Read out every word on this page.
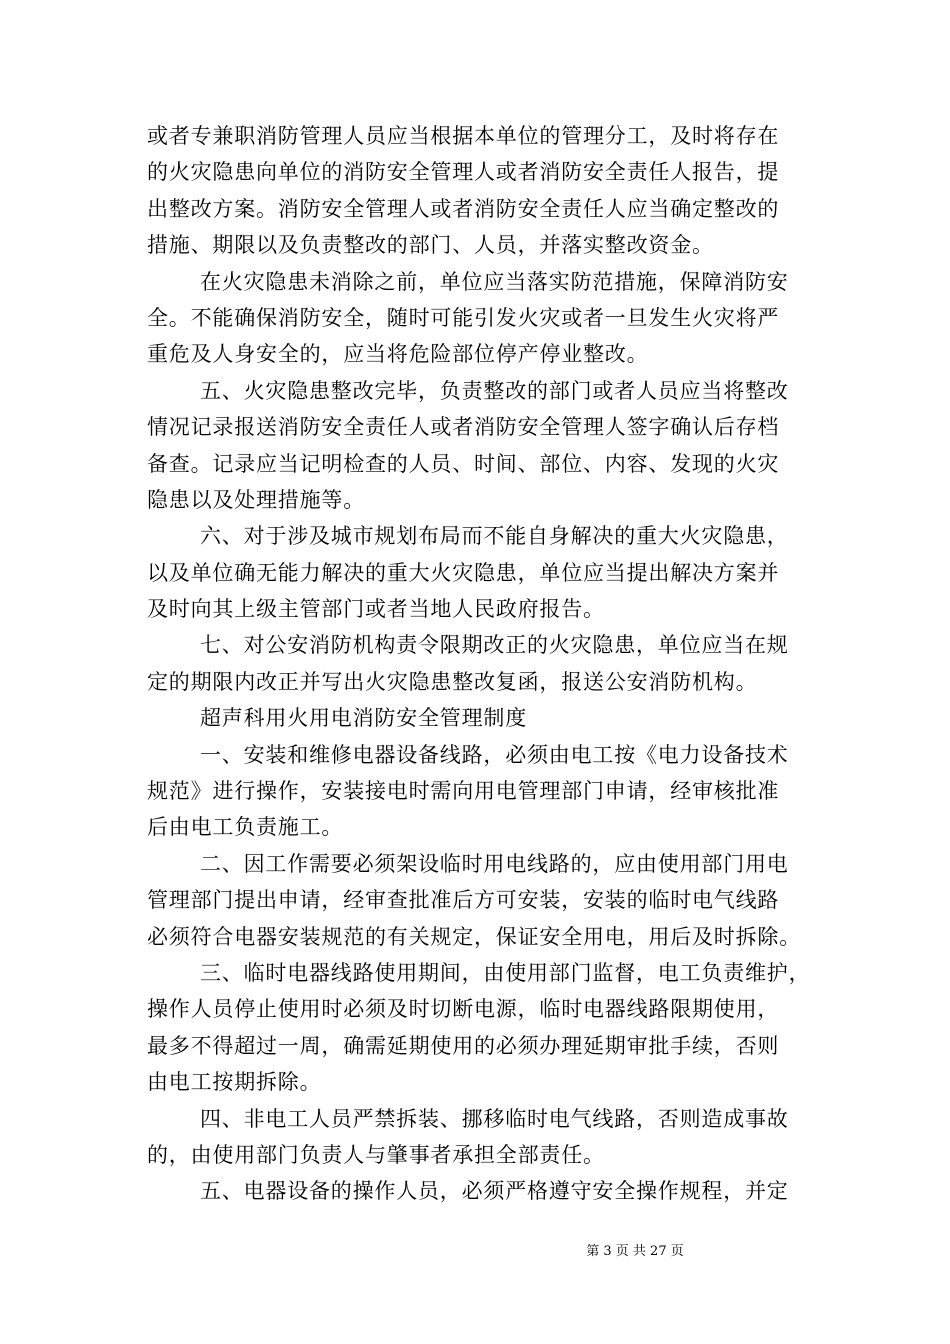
或者专兼职消防管理人员应当根据本单位的管理分工，及时将存在
的火灾隐患向单位的消防安全管理人或者消防安全责任人报告，提
出整改方案。消防安全管理人或者消防安全责任人应当确定整改的
措施、期限以及负责整改的部门、人员，并落实整改资金。
在火灾隐患未消除之前，单位应当落实防范措施，保障消防安
全。不能确保消防安全，随时可能引发火灾或者一旦发生火灾将严
重危及人身安全的，应当将危险部位停产停业整改。
五、火灾隐患整改完毕，负责整改的部门或者人员应当将整改
情况记录报送消防安全责任人或者消防安全管理人签字确认后存档
备查。记录应当记明检查的人员、时间、部位、内容、发现的火灾
隐患以及处理措施等。
六、对于涉及城市规划布局而不能自身解决的重大火灾隐患，
以及单位确无能力解决的重大火灾隐患，单位应当提出解决方案并
及时向其上级主管部门或者当地人民政府报告。
七、对公安消防机构责令限期改正的火灾隐患，单位应当在规
定的期限内改正并写出火灾隐患整改复函，报送公安消防机构。
超声科用火用电消防安全管理制度
一、安装和维修电器设备线路，必须由电工按《电力设备技术
规范》进行操作，安装接电时需向用电管理部门申请，经审核批准
后由电工负责施工。
二、因工作需要必须架设临时用电线路的，应由使用部门用电
管理部门提出申请，经审查批准后方可安装，安装的临时电气线路
必须符合电器安装规范的有关规定，保证安全用电，用后及时拆除。
三、临时电器线路使用期间，由使用部门监督，电工负责维护，
操作人员停止使用时必须及时切断电源，临时电器线路限期使用，
最多不得超过一周，确需延期使用的必须办理延期审批手续，否则
由电工按期拆除。
四、非电工人员严禁拆装、挪移临时电气线路，否则造成事故
的，由使用部门负责人与肇事者承担全部责任。
五、电器设备的操作人员，必须严格遵守安全操作规程，并定
第 3 页 共 27 页
